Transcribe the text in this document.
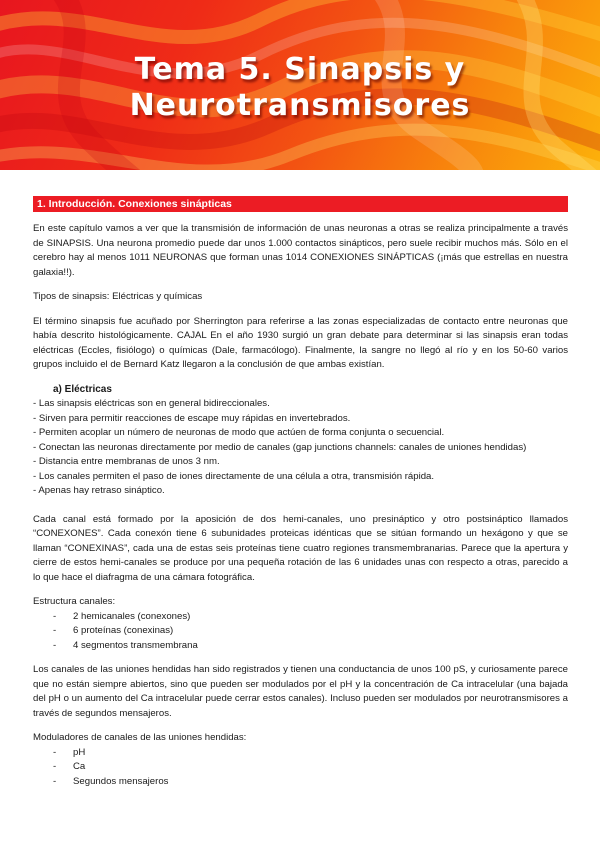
Tema 5. Sinapsis y
Neurotransmisores
1. Introducción. Conexiones sinápticas

En este capítulo vamos a ver que la transmisión de información de unas neuronas a otras se realiza principalmente a través de SINAPSIS. Una neurona promedio puede dar unos 1.000 contactos sinápticos, pero suele recibir muchos más. Sólo en el cerebro hay al menos 1011 NEURONAS que forman unas 1014 CONEXIONES SINÁPTICAS (¡más que estrellas en nuestra galaxia!!).

Tipos de sinapsis: Eléctricas y químicas

El término sinapsis fue acuñado por Sherrington para referirse a las zonas especializadas de contacto entre neuronas que había descrito histológicamente. CAJAL En el año 1930 surgió un gran debate para determinar si las sinapsis eran todas eléctricas (Eccles, fisiólogo) o químicas (Dale, farmacólogo). Finalmente, la sangre no llegó al río y en los 50-60 varios grupos incluido el de Bernard Katz llegaron a la conclusión de que ambas existían.

a) Eléctricas
- Las sinapsis eléctricas son en general bidireccionales.
- Sirven para permitir reacciones de escape muy rápidas en invertebrados.
- Permiten acoplar un número de neuronas de modo que actúen de forma conjunta o secuencial.
- Conectan las neuronas directamente por medio de canales (gap junctions channels: canales de uniones hendidas)
- Distancia entre membranas de unos 3 nm.
- Los canales permiten el paso de iones directamente de una célula a otra, transmisión rápida.
- Apenas hay retraso sináptico.

Cada canal está formado por la aposición de dos hemi-canales, uno presináptico y otro postsináptico llamados “CONEXONES”. Cada conexón tiene 6 subunidades proteicas idénticas que se sitúan formando un hexágono y que se llaman “CONEXINAS”, cada una de estas seis proteínas tiene cuatro regiones transmembranarias. Parece que la apertura y cierre de estos hemi-canales se produce por una pequeña rotación de las 6 unidades unas con respecto a otras, parecido a lo que hace el diafragma de una cámara fotográfica.

Estructura canales:

- 2 hemicanales (conexones)
- 6 proteínas (conexinas)
- 4 segmentos transmembrana

Los canales de las uniones hendidas han sido registrados y tienen una conductancia de unos 100 pS, y curiosamente parece que no están siempre abiertos, sino que pueden ser modulados por el pH y la concentración de Ca intracelular (una bajada del pH o un aumento del Ca intracelular puede cerrar estos canales). Incluso pueden ser modulados por neurotransmisores a través de segundos mensajeros.

Moduladores de canales de las uniones hendidas:

- pH
- Ca
- Segundos mensajeros
